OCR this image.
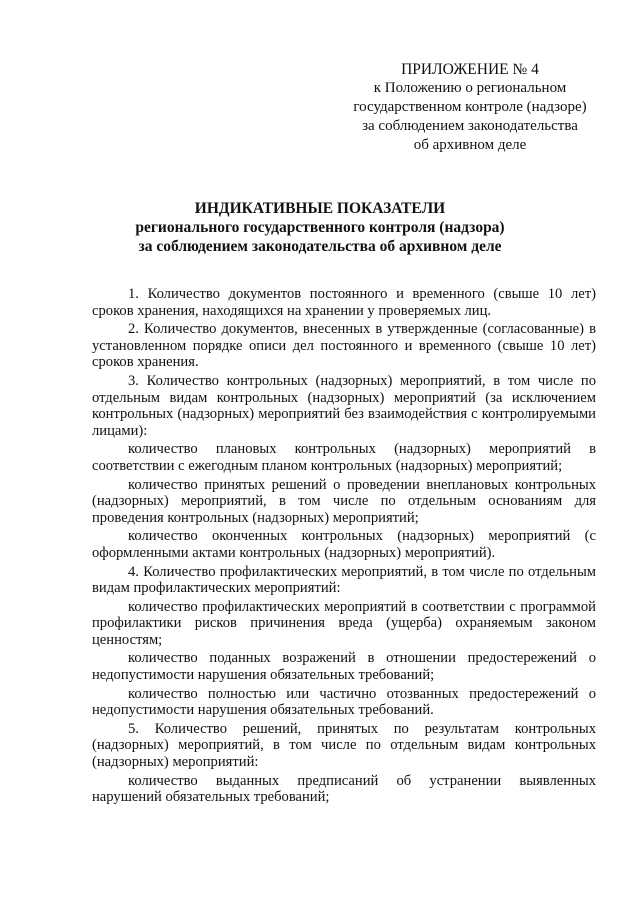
ПРИЛОЖЕНИЕ № 4
к Положению о региональном
государственном контроле (надзоре)
за соблюдением законодательства
об архивном деле
ИНДИКАТИВНЫЕ ПОКАЗАТЕЛИ
регионального государственного контроля (надзора)
за соблюдением законодательства об архивном деле

1. Количество документов постоянного и временного (свыше 10 лет) сроков хранения, находящихся на хранении у проверяемых лиц.

2. Количество документов, внесенных в утвержденные (согласованные) в установленном порядке описи дел постоянного и временного (свыше 10 лет) сроков хранения.

3. Количество контрольных (надзорных) мероприятий, в том числе по отдельным видам контрольных (надзорных) мероприятий (за исключением контрольных (надзорных) мероприятий без взаимодействия с контролируемыми лицами):

количество плановых контрольных (надзорных) мероприятий в соответствии с ежегодным планом контрольных (надзорных) мероприятий;

количество принятых решений о проведении внеплановых контрольных (надзорных) мероприятий, в том числе по отдельным основаниям для проведения контрольных (надзорных) мероприятий;

количество оконченных контрольных (надзорных) мероприятий (с оформленными актами контрольных (надзорных) мероприятий).

4. Количество профилактических мероприятий, в том числе по отдельным видам профилактических мероприятий:

количество профилактических мероприятий в соответствии с программой профилактики рисков причинения вреда (ущерба) охраняемым законом ценностям;

количество поданных возражений в отношении предостережений о недопустимости нарушения обязательных требований;

количество полностью или частично отозванных предостережений о недопустимости нарушения обязательных требований.

5. Количество решений, принятых по результатам контрольных (надзорных) мероприятий, в том числе по отдельным видам контрольных (надзорных) мероприятий:

количество выданных предписаний об устранении выявленных нарушений обязательных требований;
